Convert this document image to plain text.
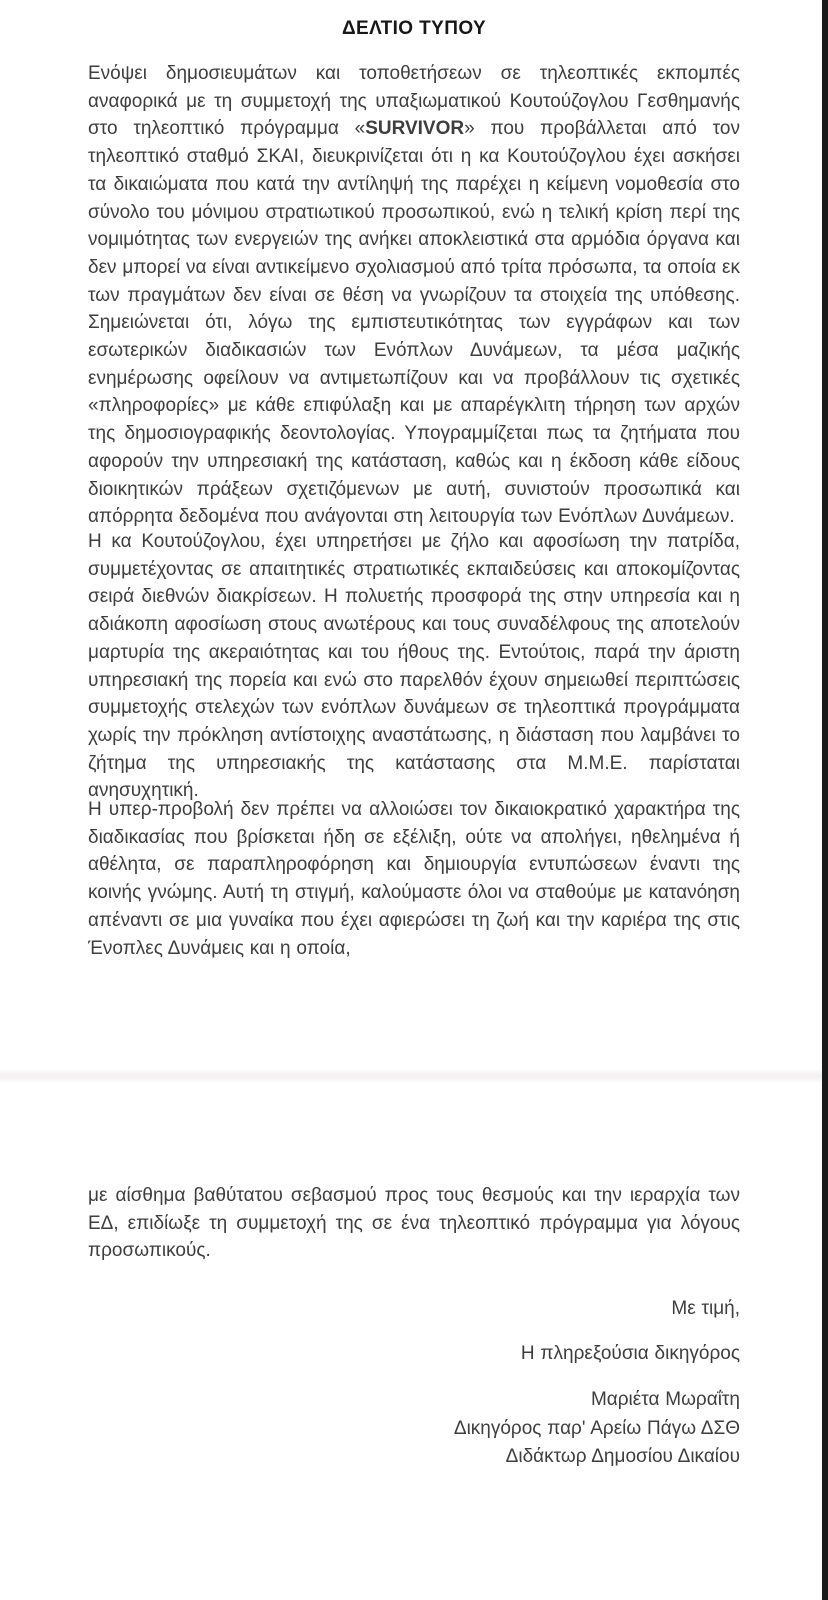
ΔΕΛΤΙΟ ΤΥΠΟΥ

Ενόψει δημοσιευμάτων και τοποθετήσεων σε τηλεοπτικές εκπομπές αναφορικά με τη συμμετοχή της υπαξιωματικού Κουτούζογλου Γεσθημανής στο τηλεοπτικό πρόγραμμα «SURVIVOR» που προβάλλεται από τον τηλεοπτικό σταθμό ΣΚΑΙ, διευκρινίζεται ότι η κα Κουτούζογλου έχει ασκήσει τα δικαιώματα που κατά την αντίληψή της παρέχει η κείμενη νομοθεσία στο σύνολο του μόνιμου στρατιωτικού προσωπικού, ενώ η τελική κρίση περί της νομιμότητας των ενεργειών της ανήκει αποκλειστικά στα αρμόδια όργανα και δεν μπορεί να είναι αντικείμενο σχολιασμού από τρίτα πρόσωπα, τα οποία εκ των πραγμάτων δεν είναι σε θέση να γνωρίζουν τα στοιχεία της υπόθεσης. Σημειώνεται ότι, λόγω της εμπιστευτικότητας των εγγράφων και των εσωτερικών διαδικασιών των Ενόπλων Δυνάμεων, τα μέσα μαζικής ενημέρωσης οφείλουν να αντιμετωπίζουν και να προβάλλουν τις σχετικές «πληροφορίες» με κάθε επιφύλαξη και με απαρέγκλιτη τήρηση των αρχών της δημοσιογραφικής δεοντολογίας. Υπογραμμίζεται πως τα ζητήματα που αφορούν την υπηρεσιακή της κατάσταση, καθώς και η έκδοση κάθε είδους διοικητικών πράξεων σχετιζόμενων με αυτή, συνιστούν προσωπικά και απόρρητα δεδομένα που ανάγονται στη λειτουργία των Ενόπλων Δυνάμεων.

Η κα Κουτούζογλου, έχει υπηρετήσει με ζήλο και αφοσίωση την πατρίδα, συμμετέχοντας σε απαιτητικές στρατιωτικές εκπαιδεύσεις και αποκομίζοντας σειρά διεθνών διακρίσεων. Η πολυετής προσφορά της στην υπηρεσία και η αδιάκοπη αφοσίωση στους ανωτέρους και τους συναδέλφους της αποτελούν μαρτυρία της ακεραιότητας και του ήθους της. Εντούτοις, παρά την άριστη υπηρεσιακή της πορεία και ενώ στο παρελθόν έχουν σημειωθεί περιπτώσεις συμμετοχής στελεχών των ενόπλων δυνάμεων σε τηλεοπτικά προγράμματα χωρίς την πρόκληση αντίστοιχης αναστάτωσης, η διάσταση που λαμβάνει το ζήτημα της υπηρεσιακής της κατάστασης στα Μ.Μ.Ε. παρίσταται ανησυχητική.

Η υπερ-προβολή δεν πρέπει να αλλοιώσει τον δικαιοκρατικό χαρακτήρα της διαδικασίας που βρίσκεται ήδη σε εξέλιξη, ούτε να απολήγει, ηθελημένα ή αθέλητα, σε παραπληροφόρηση και δημιουργία εντυπώσεων έναντι της κοινής γνώμης. Αυτή τη στιγμή, καλούμαστε όλοι να σταθούμε με κατανόηση απέναντι σε μια γυναίκα που έχει αφιερώσει τη ζωή και την καριέρα της στις Ένοπλες Δυνάμεις και η οποία,

με αίσθημα βαθύτατου σεβασμού προς τους θεσμούς και την ιεραρχία των ΕΔ, επιδίωξε τη συμμετοχή της σε ένα τηλεοπτικό πρόγραμμα για λόγους προσωπικούς.

Με τιμή,

Η πληρεξούσια δικηγόρος

Μαριέτα Μωραΐτη
Δικηγόρος παρ' Αρείω Πάγω ΔΣΘ
Διδάκτωρ Δημοσίου Δικαίου
